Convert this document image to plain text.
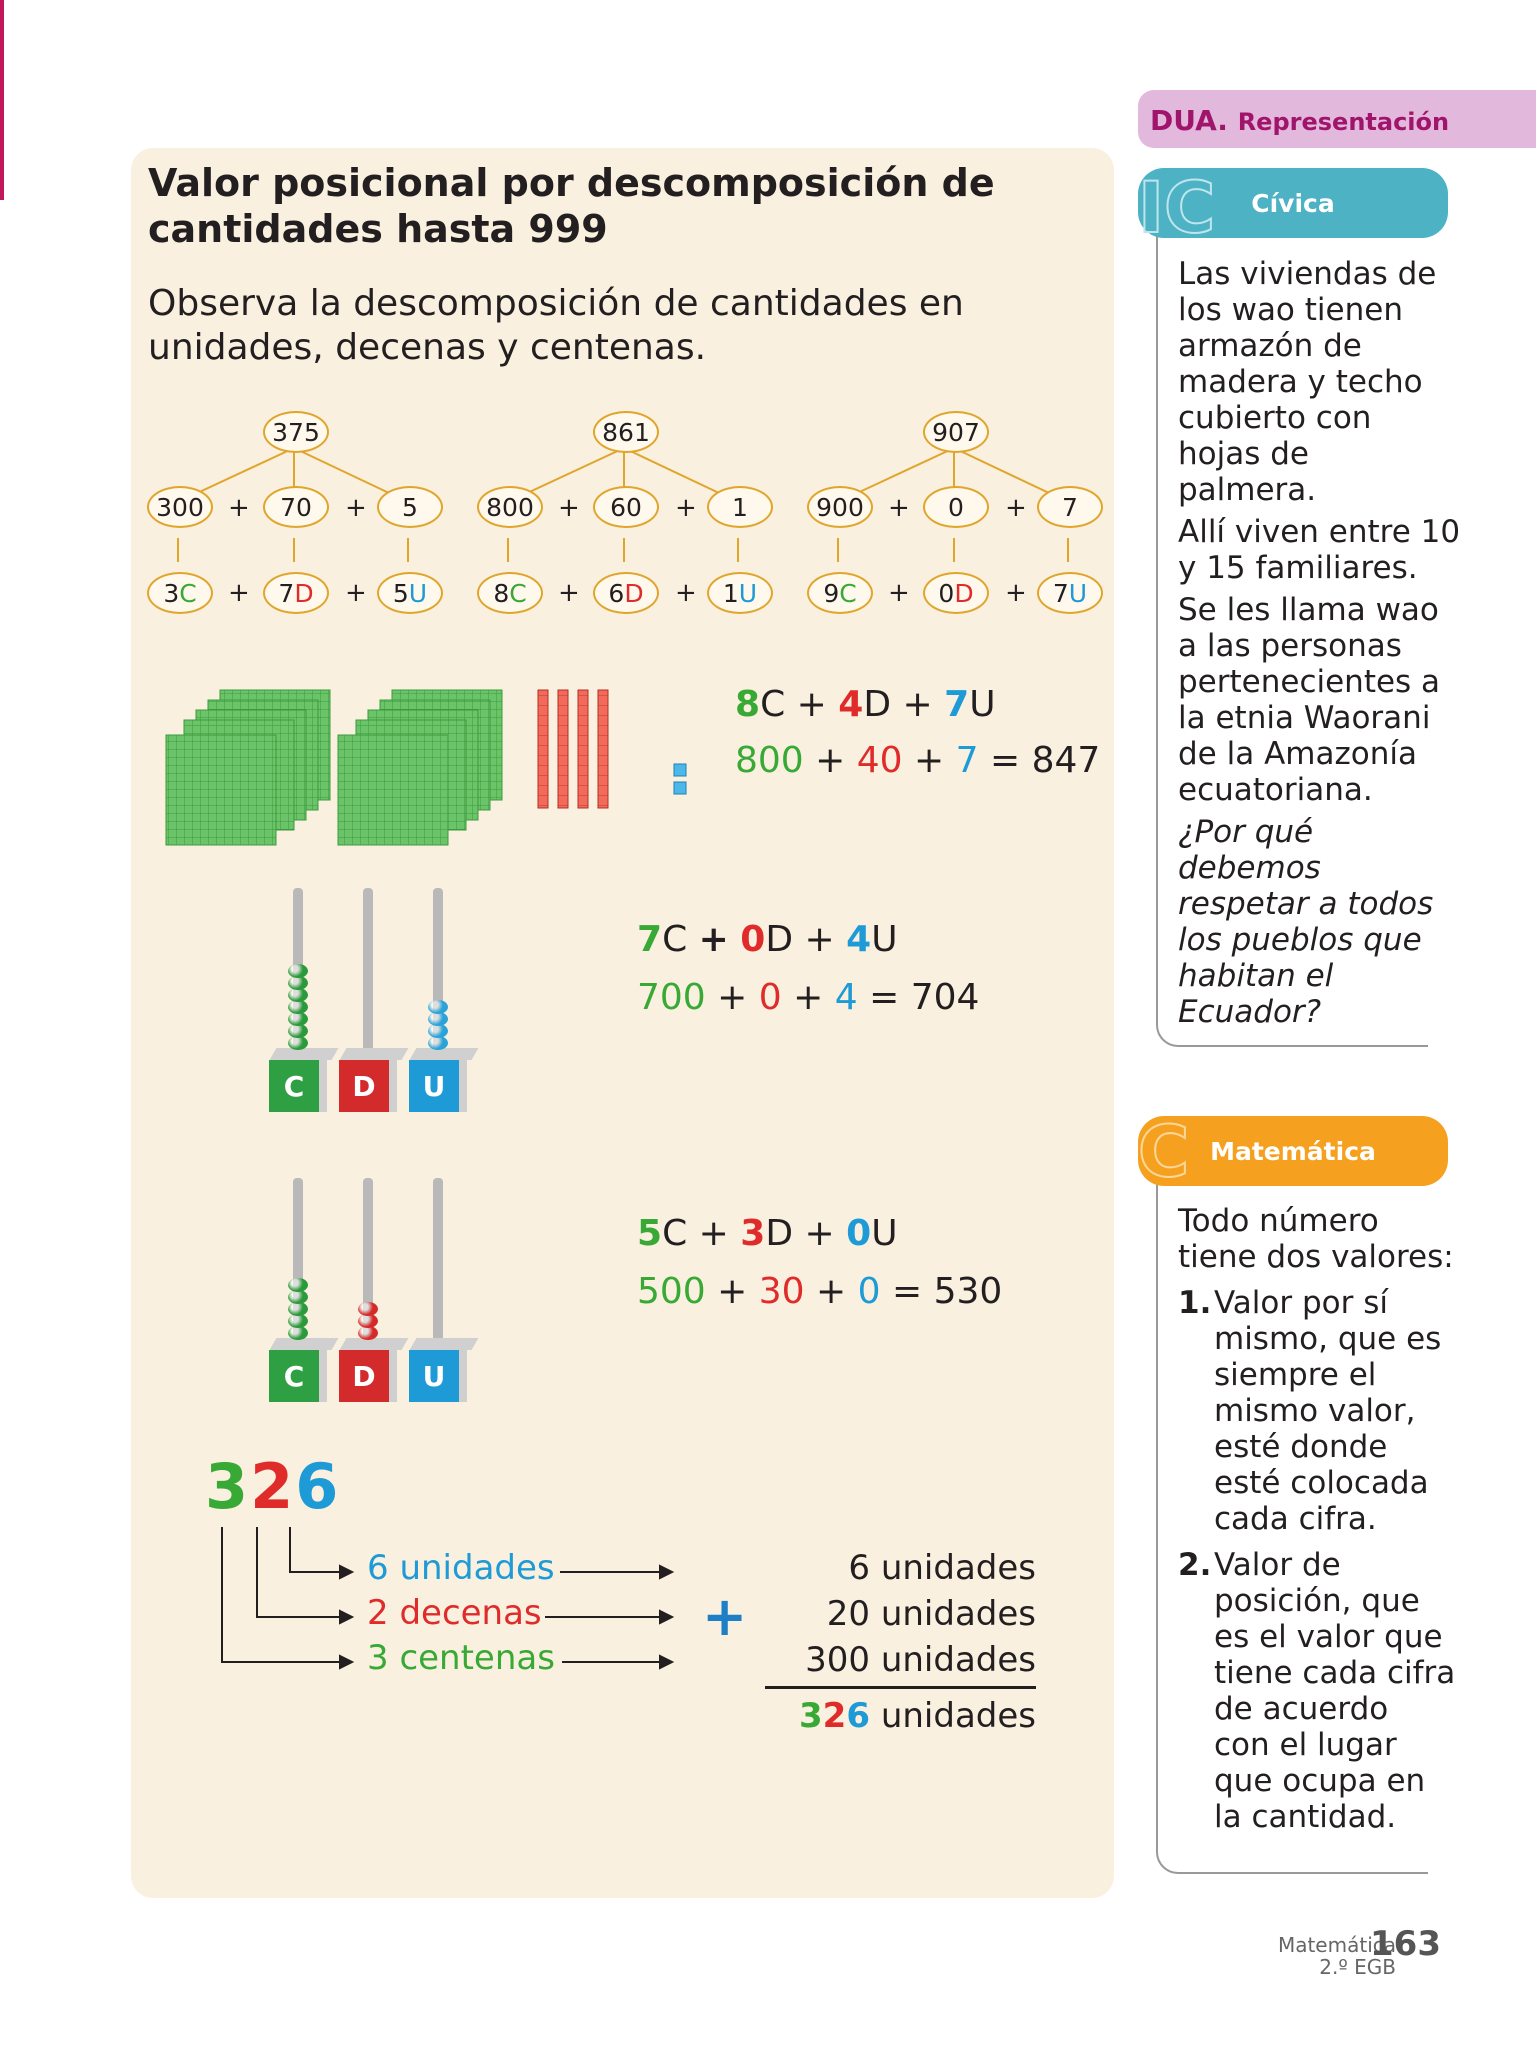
Valor posicional por descomposición de cantidades hasta 999
Observa la descomposición de cantidades en unidades, decenas y centenas.
375
300	70	5
+	+
3 C	7 D	5 U
+	+
861
800	60	1
+	+
8 C	6 D	1 U
+	+
907
900	0	7
+	+
9 C	0 D	7 U
+	+
8C + 4D + 7U
800 + 40 + 7 = 847
C	D	U
7C + 0D + 4U
700 + 0 + 4 = 704
C	D	U
5C + 3D + 0U
500 + 30 + 0 = 530
326
6 unidades
2 decenas
3 centenas
+
6 unidades
20 unidades
300 unidades
326 unidades
DUA. Representación
Cívica
IC
Las viviendas de
los wao tienen
armazón de
madera y techo
cubierto con
hojas de
palmera.
Allí viven entre 10
y 15 familiares.
Se les llama wao
a las personas
pertenecientes a
la etnia Waorani
de la Amazonía
ecuatoriana.
¿Por qué
debemos
respetar a todos
los pueblos que
habitan el
Ecuador?
Matemática
C
Todo número
tiene dos valores:
1. Valor por sí
mismo, que es
siempre el
mismo valor,
esté donde
esté colocada
cada cifra.
2. Valor de
posición, que
es el valor que
tiene cada cifra
de acuerdo
con el lugar
que ocupa en
la cantidad.
Matemática
2.º EGB
163
